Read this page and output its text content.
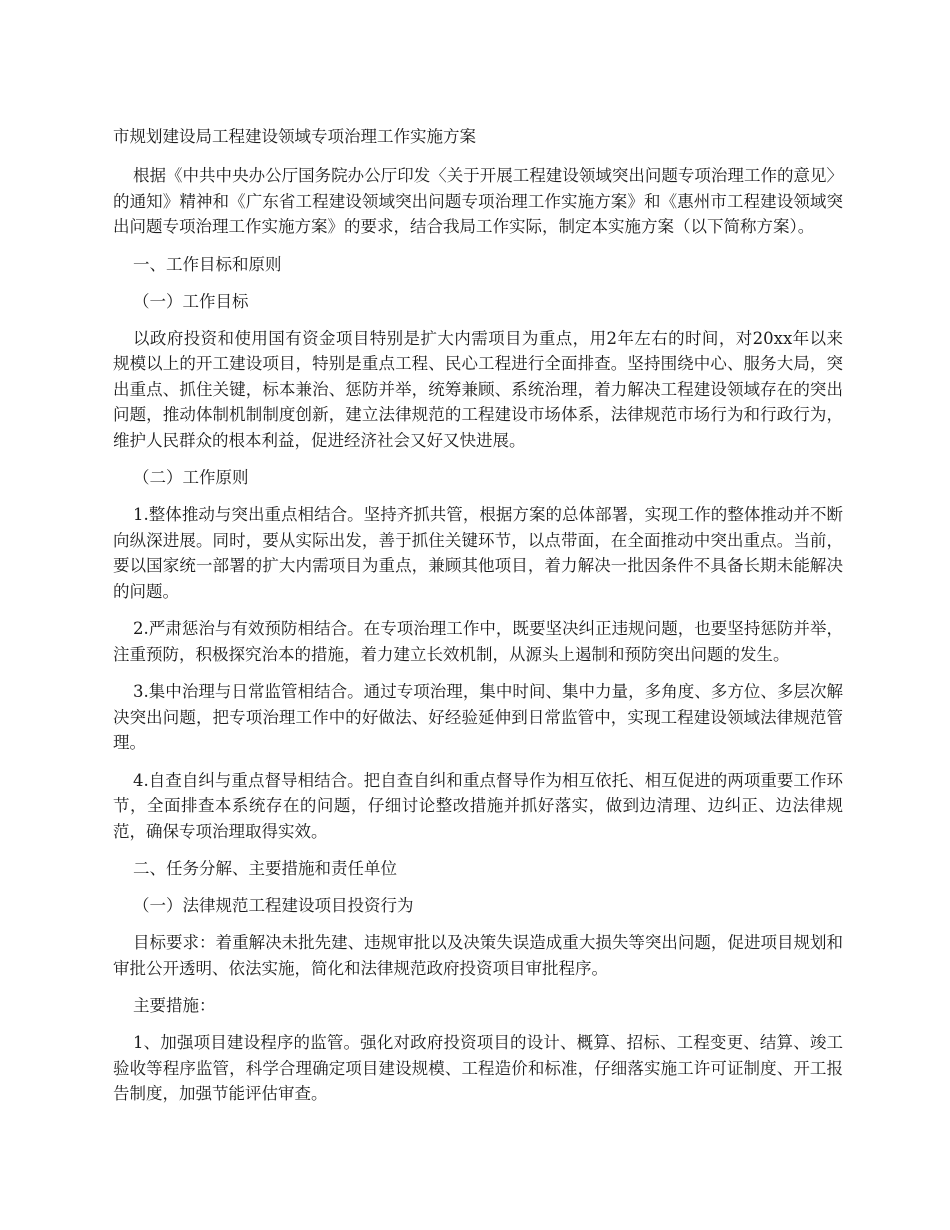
市规划建设局工程建设领域专项治理工作实施方案
根据《中共中央办公厅国务院办公厅印发〈关于开展工程建设领域突出问题专项治理工作的意见〉的通知》精神和《广东省工程建设领域突出问题专项治理工作实施方案》和《惠州市工程建设领域突出问题专项治理工作实施方案》的要求，结合我局工作实际，制定本实施方案（以下简称方案）。
一、工作目标和原则
（一）工作目标
以政府投资和使用国有资金项目特别是扩大内需项目为重点，用2年左右的时间，对20xx年以来规模以上的开工建设项目，特别是重点工程、民心工程进行全面排查。坚持围绕中心、服务大局，突出重点、抓住关键，标本兼治、惩防并举，统筹兼顾、系统治理，着力解决工程建设领域存在的突出问题，推动体制机制制度创新，建立法律规范的工程建设市场体系，法律规范市场行为和行政行为，维护人民群众的根本利益，促进经济社会又好又快进展。
（二）工作原则
1.整体推动与突出重点相结合。坚持齐抓共管，根据方案的总体部署，实现工作的整体推动并不断向纵深进展。同时，要从实际出发，善于抓住关键环节，以点带面，在全面推动中突出重点。当前，要以国家统一部署的扩大内需项目为重点，兼顾其他项目，着力解决一批因条件不具备长期未能解决的问题。
2.严肃惩治与有效预防相结合。在专项治理工作中，既要坚决纠正违规问题，也要坚持惩防并举，注重预防，积极探究治本的措施，着力建立长效机制，从源头上遏制和预防突出问题的发生。
3.集中治理与日常监管相结合。通过专项治理，集中时间、集中力量，多角度、多方位、多层次解决突出问题，把专项治理工作中的好做法、好经验延伸到日常监管中，实现工程建设领域法律规范管理。
4.自查自纠与重点督导相结合。把自查自纠和重点督导作为相互依托、相互促进的两项重要工作环节，全面排查本系统存在的问题，仔细讨论整改措施并抓好落实，做到边清理、边纠正、边法律规范，确保专项治理取得实效。
二、任务分解、主要措施和责任单位
（一）法律规范工程建设项目投资行为
目标要求：着重解决未批先建、违规审批以及决策失误造成重大损失等突出问题，促进项目规划和审批公开透明、依法实施，简化和法律规范政府投资项目审批程序。
主要措施：
1、加强项目建设程序的监管。强化对政府投资项目的设计、概算、招标、工程变更、结算、竣工验收等程序监管，科学合理确定项目建设规模、工程造价和标准，仔细落实施工许可证制度、开工报告制度，加强节能评估审查。
